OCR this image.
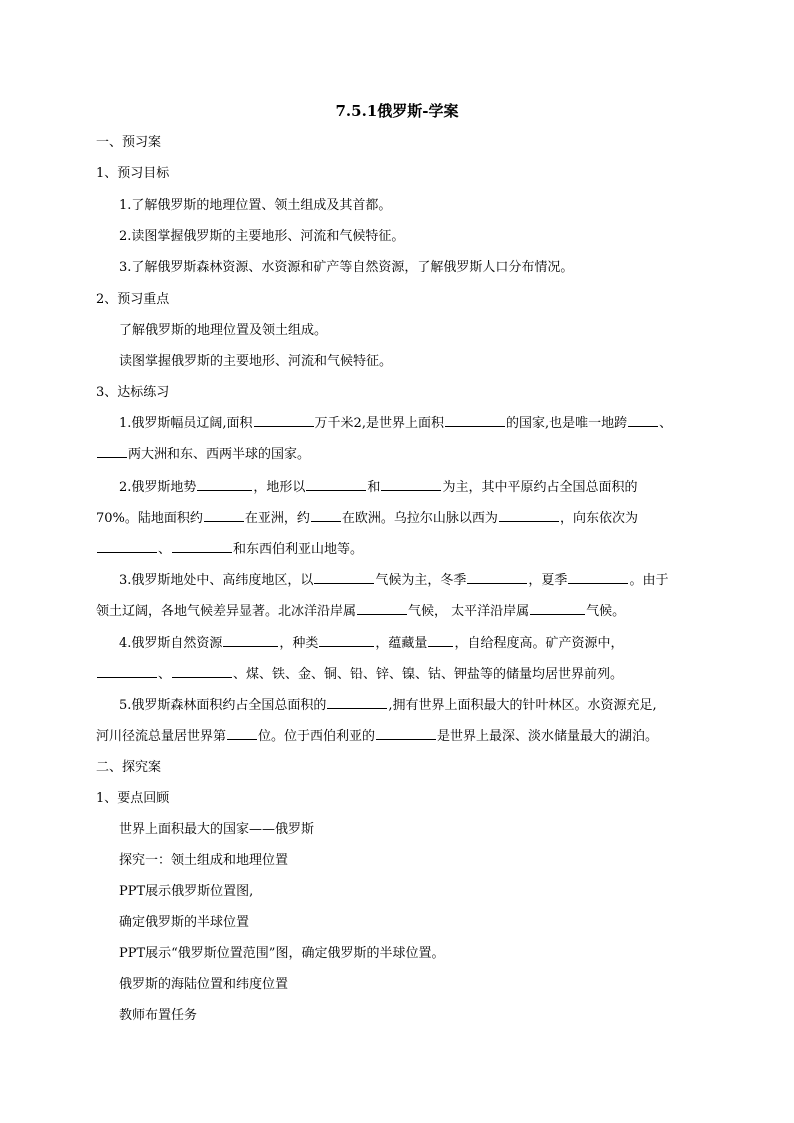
7.5.1俄罗斯-学案
一、预习案
1、预习目标
1.了解俄罗斯的地理位置、领土组成及其首都。
2.读图掌握俄罗斯的主要地形、河流和气候特征。
3.了解俄罗斯森林资源、水资源和矿产等自然资源，了解俄罗斯人口分布情况。
2、预习重点
了解俄罗斯的地理位置及领土组成。
读图掌握俄罗斯的主要地形、河流和气候特征。
3、达标练习
1.俄罗斯幅员辽阔,面积	万千米2,是世界上面积	的国家,也是唯一地跨 、
两大洲和东、西两半球的国家。
2.俄罗斯地势	，地形以	和	为主，其中平原约占全国总面积的
70%。陆地面积约	在亚洲，约 在欧洲。乌拉尔山脉以西为	，向东依次为
、	和东西伯利亚山地等。
3.俄罗斯地处中、高纬度地区，以	气候为主，冬季	，夏季	。由于
领土辽阔，各地气候差异显著。北冰洋沿岸属	气候， 太平洋沿岸属	气候。
4.俄罗斯自然资源	，种类	，蕴藏量 ，自给程度高。矿产资源中，
、	、煤、铁、金、铜、铅、锌、镍、钴、钾盐等的储量均居世界前列。
5.俄罗斯森林面积约占全国总面积的	,拥有世界上面积最大的针叶林区。水资源充足,
河川径流总量居世界第 位。位于西伯利亚的	是世界上最深、淡水储量最大的湖泊。
二、探究案
1、要点回顾
世界上面积最大的国家——俄罗斯
探究一：领土组成和地理位置
PPT展示俄罗斯位置图,
确定俄罗斯的半球位置
PPT展示“俄罗斯位置范围”图，确定俄罗斯的半球位置。
俄罗斯的海陆位置和纬度位置
教师布置任务
